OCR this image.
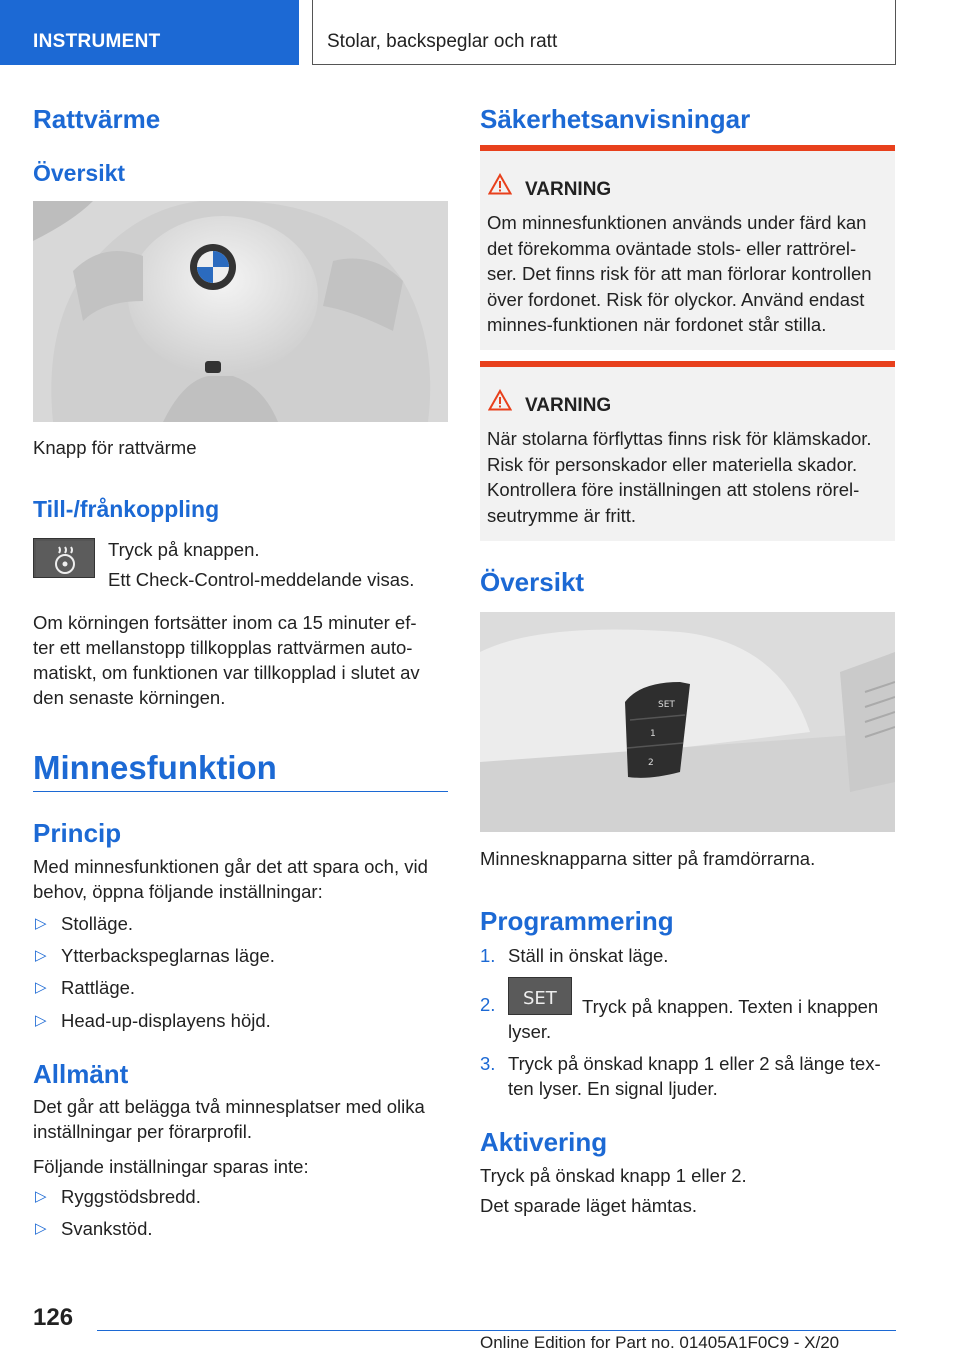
INSTRUMENT	Stolar, backspeglar och ratt
Rattvärme
Översikt
Knapp för rattvärme
Till-/frånkoppling
Tryck på knappen.
Ett Check-Control-meddelande visas.
Om körningen fortsätter inom ca 15 minuter ef-
ter ett mellanstopp tillkopplas rattvärmen auto-
matiskt, om funktionen var tillkopplad i slutet av
den senaste körningen.
Minnesfunktion
Princip
Med minnesfunktionen går det att spara och, vid
behov, öppna följande inställningar:
▷ Stolläge.
▷ Ytterbackspeglarnas läge.
▷ Rattläge.
▷ Head-up-displayens höjd.
Allmänt
Det går att belägga två minnesplatser med olika
inställningar per förarprofil.
Följande inställningar sparas inte:
▷ Ryggstödsbredd.
▷ Svankstöd.
Säkerhetsanvisningar
VARNING
Om minnesfunktionen används under färd kan
det förekomma oväntade stols- eller rattrörel-
ser. Det finns risk för att man förlorar kontrollen
över fordonet. Risk för olyckor. Använd endast
minnes-funktionen när fordonet står stilla.
VARNING
När stolarna förflyttas finns risk för klämskador.
Risk för personskador eller materiella skador.
Kontrollera före inställningen att stolens rörel-
seutrymme är fritt.
Översikt
SET
1
2
Minnesknapparna sitter på framdörrarna.
Programmering
1. Ställ in önskat läge.
2. SET Tryck på knappen. Texten i knappen
lyser.
3. Tryck på önskad knapp 1 eller 2 så länge tex-
ten lyser. En signal ljuder.
Aktivering
Tryck på önskad knapp 1 eller 2.
Det sparade läget hämtas.
126
Online Edition for Part no. 01405A1F0C9 - X/20
